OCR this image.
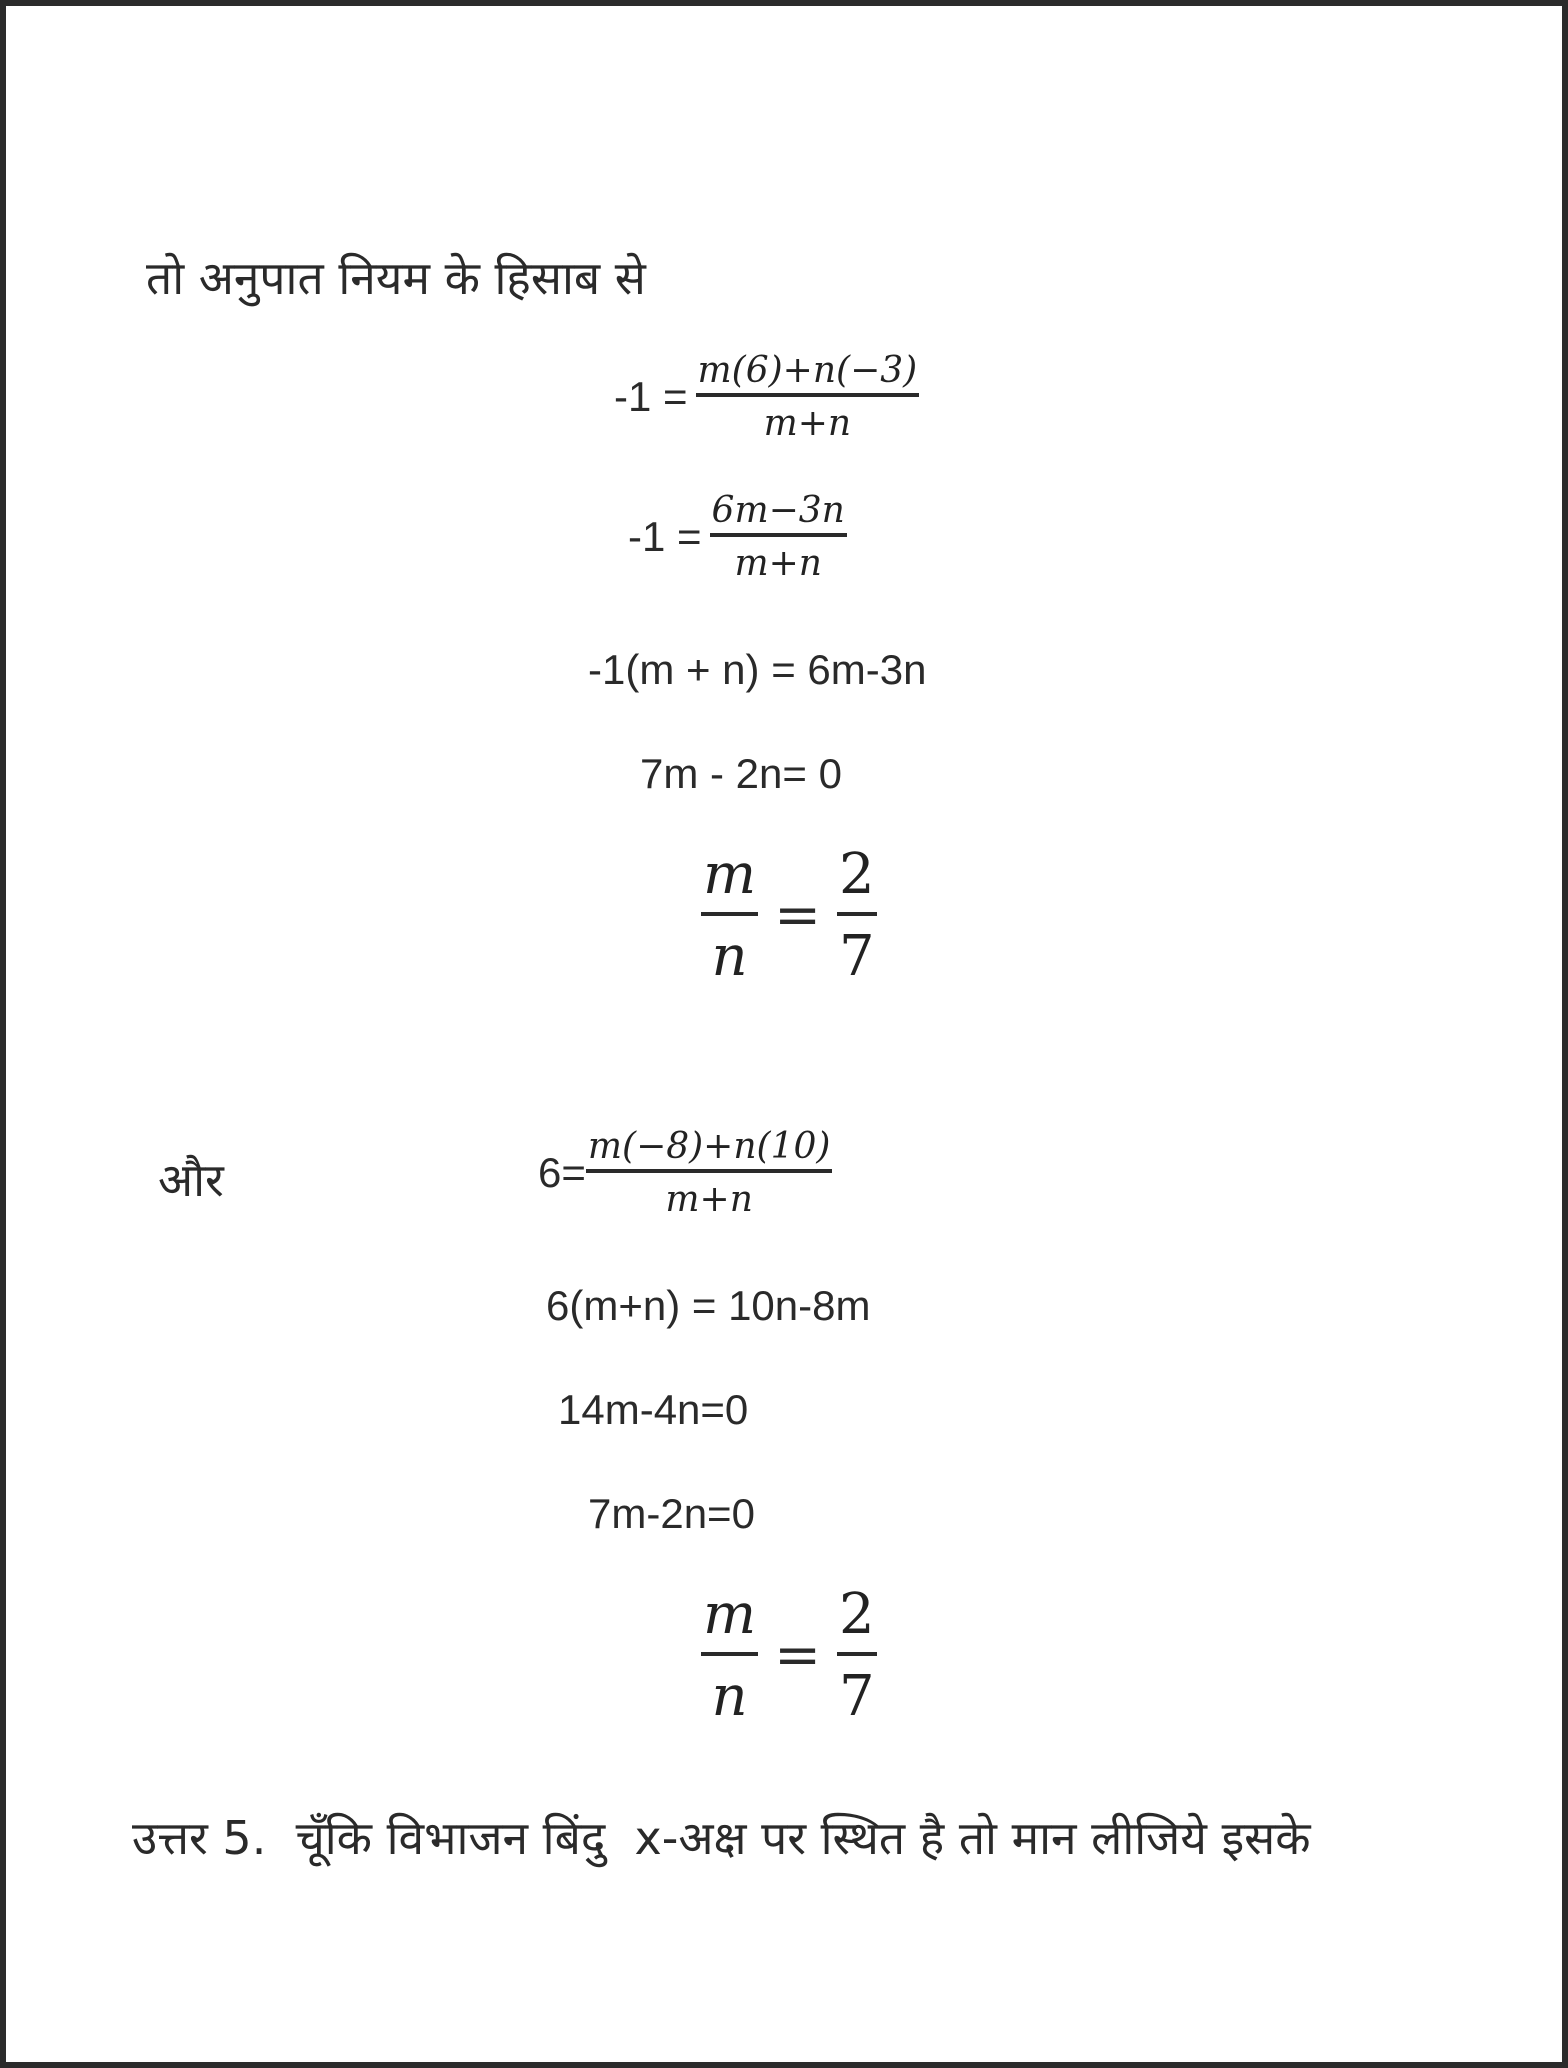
तो अनुपात नियम के हिसाब से
$-1 = \frac{m(6)+n(-3)}{m+n}$
$-1 = \frac{6m-3n}{m+n}$
-1(m + n) = 6m-3n
7m - 2n= 0
$\frac{m}{n} = \frac{2}{7}$
और	$6= \frac{m(-8)+n(10)}{m+n}$
6(m+n) = 10n-8m
14m-4n=0
7m-2n=0
$\frac{m}{n} = \frac{2}{7}$
उत्तर 5.  चूँकि विभाजन बिंदु  x-अक्ष पर स्थित है तो मान लीजिये इसके
